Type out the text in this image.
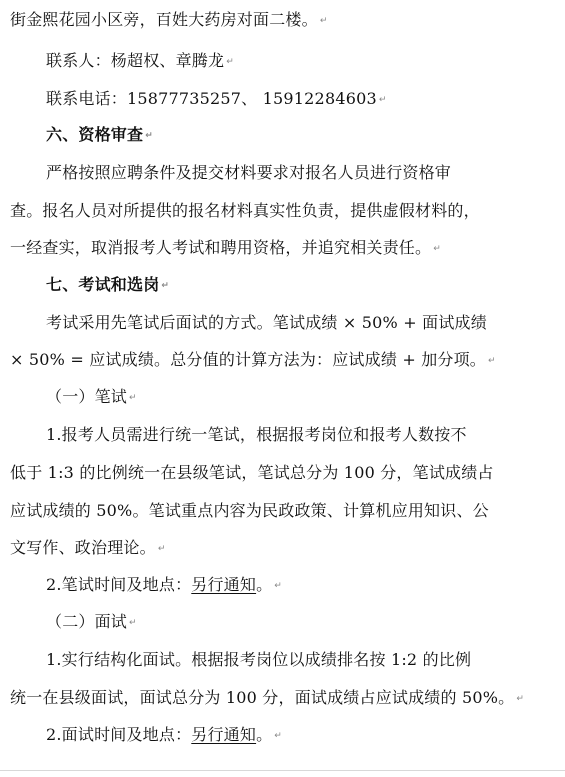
街金熙花园小区旁，百姓大药房对面二楼。 ↵
联系人：杨超权、章腾龙 ↵
联系电话：15877735257、 15912284603 ↵
六、资格审查 ↵
严格按照应聘条件及提交材料要求对报名人员进行资格审
查。报名人员对所提供的报名材料真实性负责，提供虚假材料的，
一经查实，取消报考人考试和聘用资格，并追究相关责任。 ↵
七、考试和选岗 ↵
考试采用先笔试后面试的方式。笔试成绩 × 50% + 面试成绩
× 50% = 应试成绩。总分值的计算方法为：应试成绩 + 加分项。 ↵
（一）笔试 ↵
1.报考人员需进行统一笔试，根据报考岗位和报考人数按不
低于 1:3 的比例统一在县级笔试，笔试总分为 100 分，笔试成绩占
应试成绩的 50%。笔试重点内容为民政政策、计算机应用知识、公
文写作、政治理论。 ↵
2.笔试时间及地点：另行通知。 ↵
（二）面试 ↵
1.实行结构化面试。根据报考岗位以成绩排名按 1:2 的比例
统一在县级面试，面试总分为 100 分，面试成绩占应试成绩的 50%。 ↵
2.面试时间及地点：另行通知。 ↵
